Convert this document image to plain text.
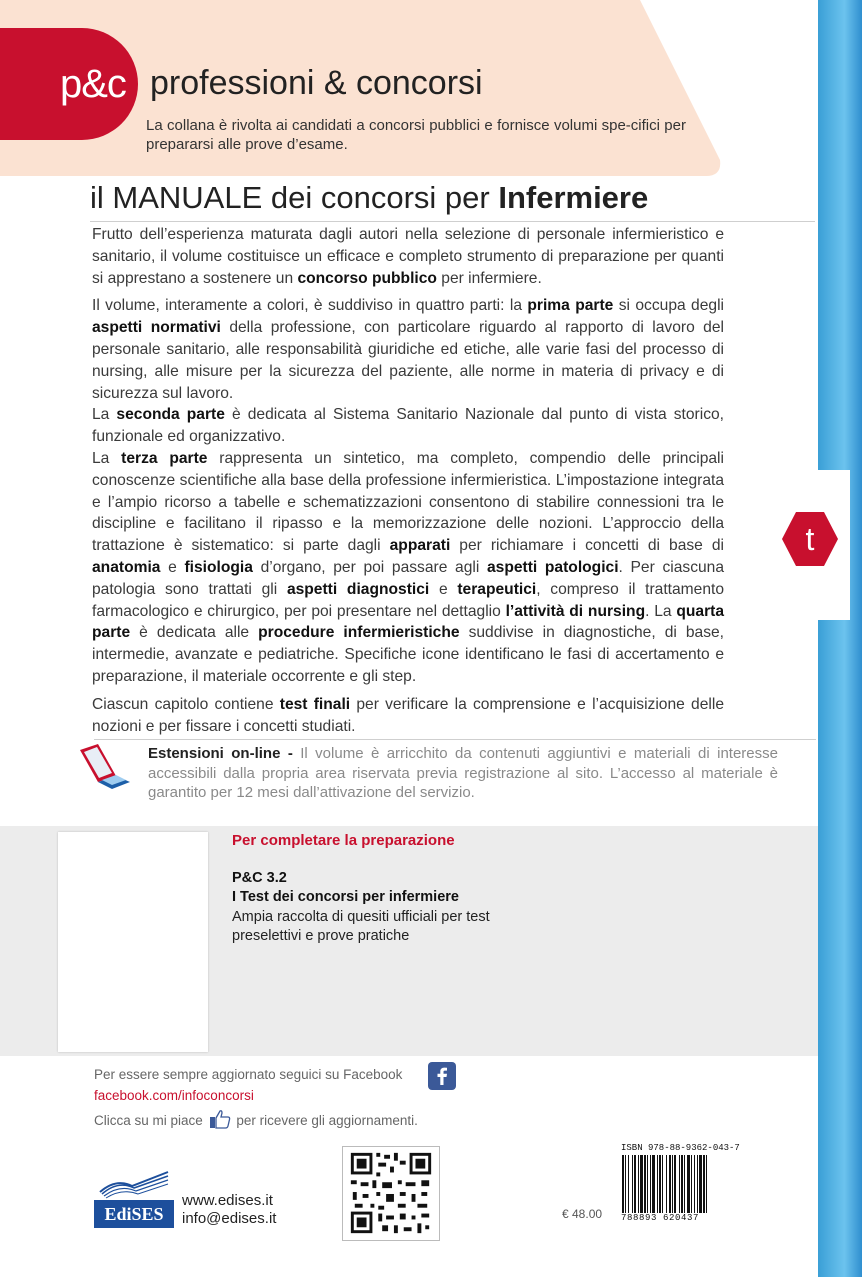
p&c professioni & concorsi
La collana è rivolta ai candidati a concorsi pubblici e fornisce volumi spe-cifici per prepararsi alle prove d’esame.
il MANUALE dei concorsi per Infermiere

Frutto dell’esperienza maturata dagli autori nella selezione di personale infermieristico e sanitario, il volume costituisce un efficace e completo strumento di preparazione per quanti si apprestano a sostenere un concorso pubblico per infermiere.

Il volume, interamente a colori, è suddiviso in quattro parti: la prima parte si occupa degli aspetti normativi della professione, con particolare riguardo al rapporto di lavoro del personale sanitario, alle responsabilità giuridiche ed etiche, alle varie fasi del processo di nursing, alle misure per la sicurezza del paziente, alle norme in materia di privacy e di sicurezza sul lavoro.

La seconda parte è dedicata al Sistema Sanitario Nazionale dal punto di vista storico, funzionale ed organizzativo.

La terza parte rappresenta un sintetico, ma completo, compendio delle principali conoscenze scientifiche alla base della professione infermieristica. L’impostazione integrata e l’ampio ricorso a tabelle e schematizzazioni consentono di stabilire connessioni tra le discipline e facilitano il ripasso e la memorizzazione delle nozioni. L’approccio della trattazione è sistematico: si parte dagli apparati per richiamare i concetti di base di anatomia e fisiologia d’organo, per poi passare agli aspetti patologici. Per ciascuna patologia sono trattati gli aspetti diagnostici e terapeutici, compreso il trattamento farmacologico e chirurgico, per poi presentare nel dettaglio l’attività di nursing. La quarta parte è dedicata alle procedure infermieristiche suddivise in diagnostiche, di base, intermedie, avanzate e pediatriche. Specifiche icone identificano le fasi di accertamento e preparazione, il materiale occorrente e gli step.

Ciascun capitolo contiene test finali per verificare la comprensione e l’acquisizione delle nozioni e per fissare i concetti studiati.

t
Estensioni on-line - Il volume è arricchito da contenuti aggiuntivi e materiali di interesse accessibili dalla propria area riservata previa registrazione al sito. L’accesso al materiale è garantito per 12 mesi dall’attivazione del servizio.
Per completare la preparazione
P&C 3.2
I Test dei concorsi per infermiere
Ampia raccolta di quesiti ufficiali per test preselettivi e prove pratiche
Per essere sempre aggiornato seguici su Facebook
facebook.com/infoconcorsi
Clicca su mi piace per ricevere gli aggiornamenti.
EdiSES
www.edises.it
info@edises.it
ISBN 978-88-9362-043-7
788893 620437
€ 48.00
